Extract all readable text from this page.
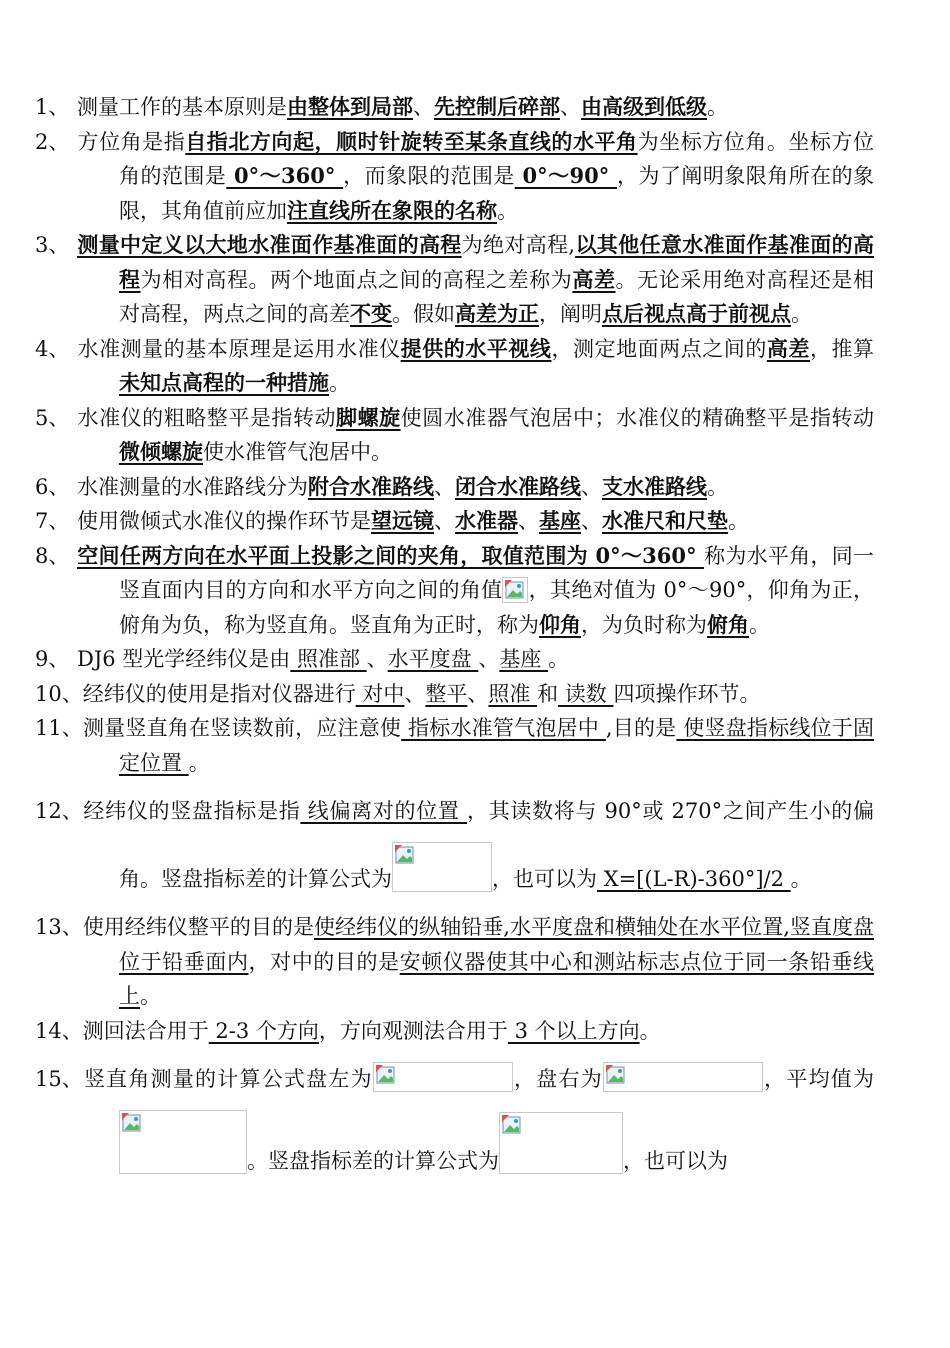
1、 测量工作的基本原则是由整体到局部、先控制后碎部、由高级到低级。

2、 方位角是指自指北方向起，顺时针旋转至某条直线的水平角为坐标方位角。坐标方位角的范围是 0°～360° ，而象限的范围是 0°～90° ，为了阐明象限角所在的象限，其角值前应加注直线所在象限的名称。

3、 测量中定义以大地水准面作基准面的高程为绝对高程,以其他任意水准面作基准面的高程为相对高程。两个地面点之间的高程之差称为高差。无论采用绝对高程还是相对高程，两点之间的高差不变。假如高差为正，阐明点后视点高于前视点。

4、 水准测量的基本原理是运用水准仪提供的水平视线，测定地面两点之间的高差，推算未知点高程的一种措施。

5、 水准仪的粗略整平是指转动脚螺旋使圆水准器气泡居中；水准仪的精确整平是指转动微倾螺旋使水准管气泡居中。

6、 水准测量的水准路线分为附合水准路线、闭合水准路线、支水准路线。

7、 使用微倾式水准仪的操作环节是望远镜、水准器、基座、水准尺和尺垫。

8、 空间任两方向在水平面上投影之间的夹角，取值范围为 0°～360° 称为水平角，同一竖直面内目的方向和水平方向之间的角值 ，其绝对值为 0°～90°，仰角为正，俯角为负，称为竖直角。竖直角为正时，称为仰角，为负时称为俯角。

9、 DJ6 型光学经纬仪是由 照准部 、水平度盘 、基座 。

10、经纬仪的使用是指对仪器进行 对中、整平、照准 和 读数 四项操作环节。

11、测量竖直角在竖读数前，应注意使 指标水准管气泡居中 ,目的是 使竖盘指标线位于固定位置 。

12、经纬仪的竖盘指标是指 线偏离对的位置 ，其读数将与 90°或 270°之间产生小的偏角。竖盘指标差的计算公式为	，也可以为 X=[(L-R)-360°]/2 。

13、使用经纬仪整平的目的是使经纬仪的纵轴铅垂,水平度盘和横轴处在水平位置,竖直度盘位于铅垂面内，对中的目的是安顿仪器使其中心和测站标志点位于同一条铅垂线上。

14、测回法合用于 2-3 个方向，方向观测法合用于 3 个以上方向。

15、竖直角测量的计算公式盘左为	，盘右为	，平均值为
。竖盘指标差的计算公式为	，也可以为
